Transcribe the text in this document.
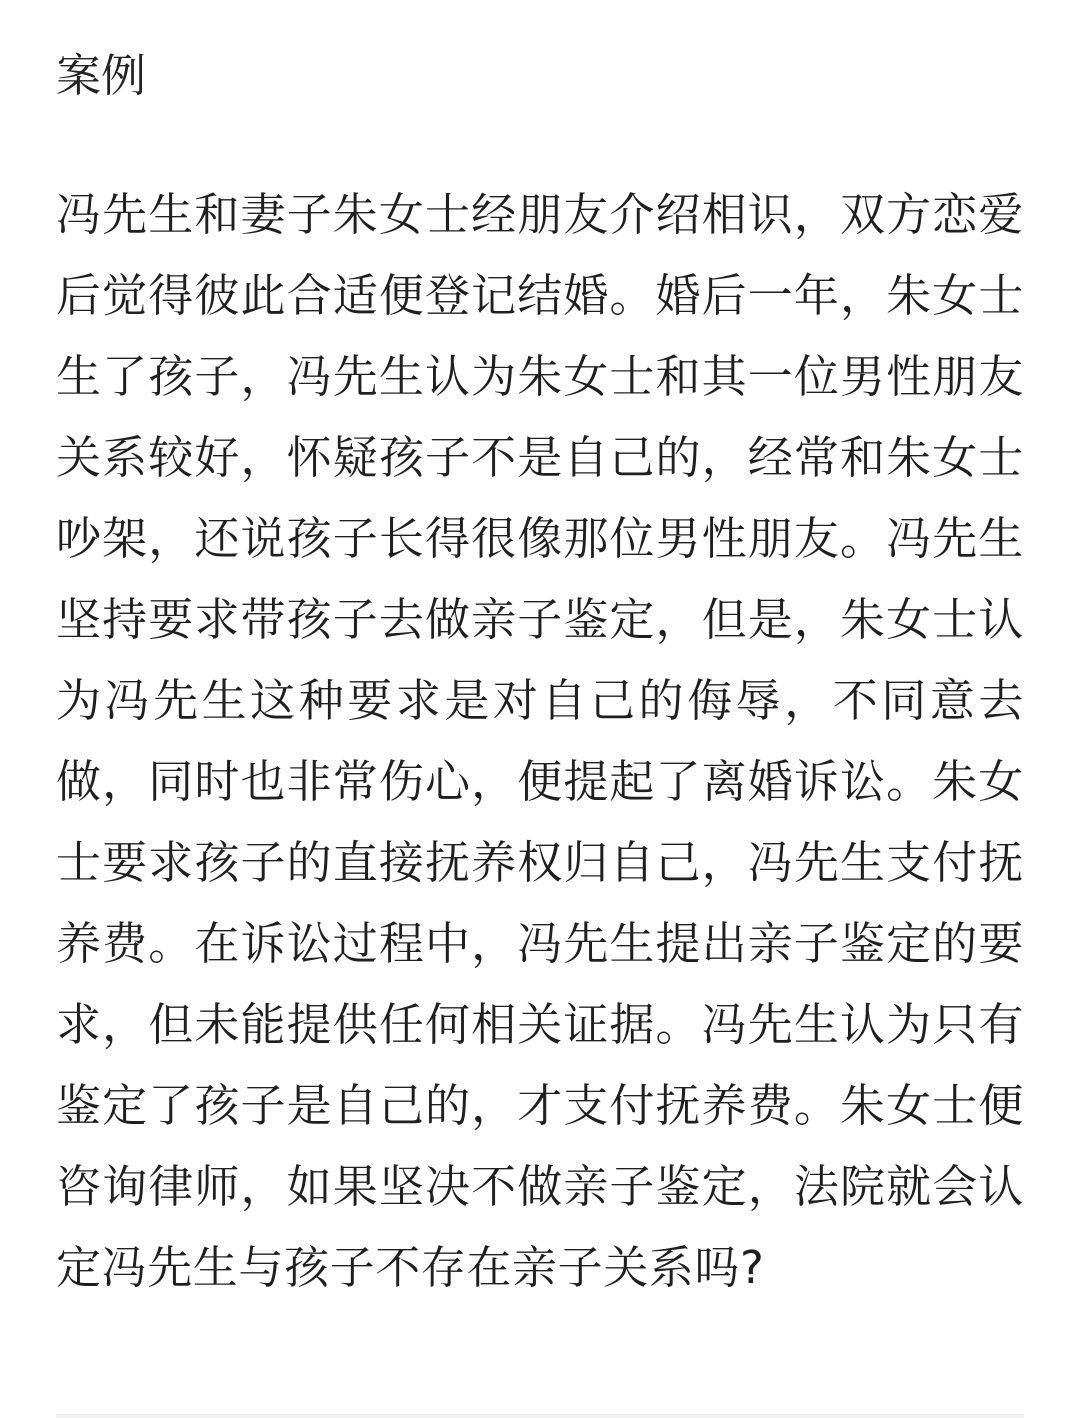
案例

冯先生和妻子朱女士经朋友介绍相识，双方恋爱后觉得彼此合适便登记结婚。婚后一年，朱女士生了孩子，冯先生认为朱女士和其一位男性朋友关系较好，怀疑孩子不是自己的，经常和朱女士吵架，还说孩子长得很像那位男性朋友。冯先生坚持要求带孩子去做亲子鉴定，但是，朱女士认为冯先生这种要求是对自己的侮辱，不同意去做，同时也非常伤心，便提起了离婚诉讼。朱女士要求孩子的直接抚养权归自己，冯先生支付抚养费。在诉讼过程中，冯先生提出亲子鉴定的要求，但未能提供任何相关证据。冯先生认为只有鉴定了孩子是自己的，才支付抚养费。朱女士便咨询律师，如果坚决不做亲子鉴定，法院就会认定冯先生与孩子不存在亲子关系吗?
